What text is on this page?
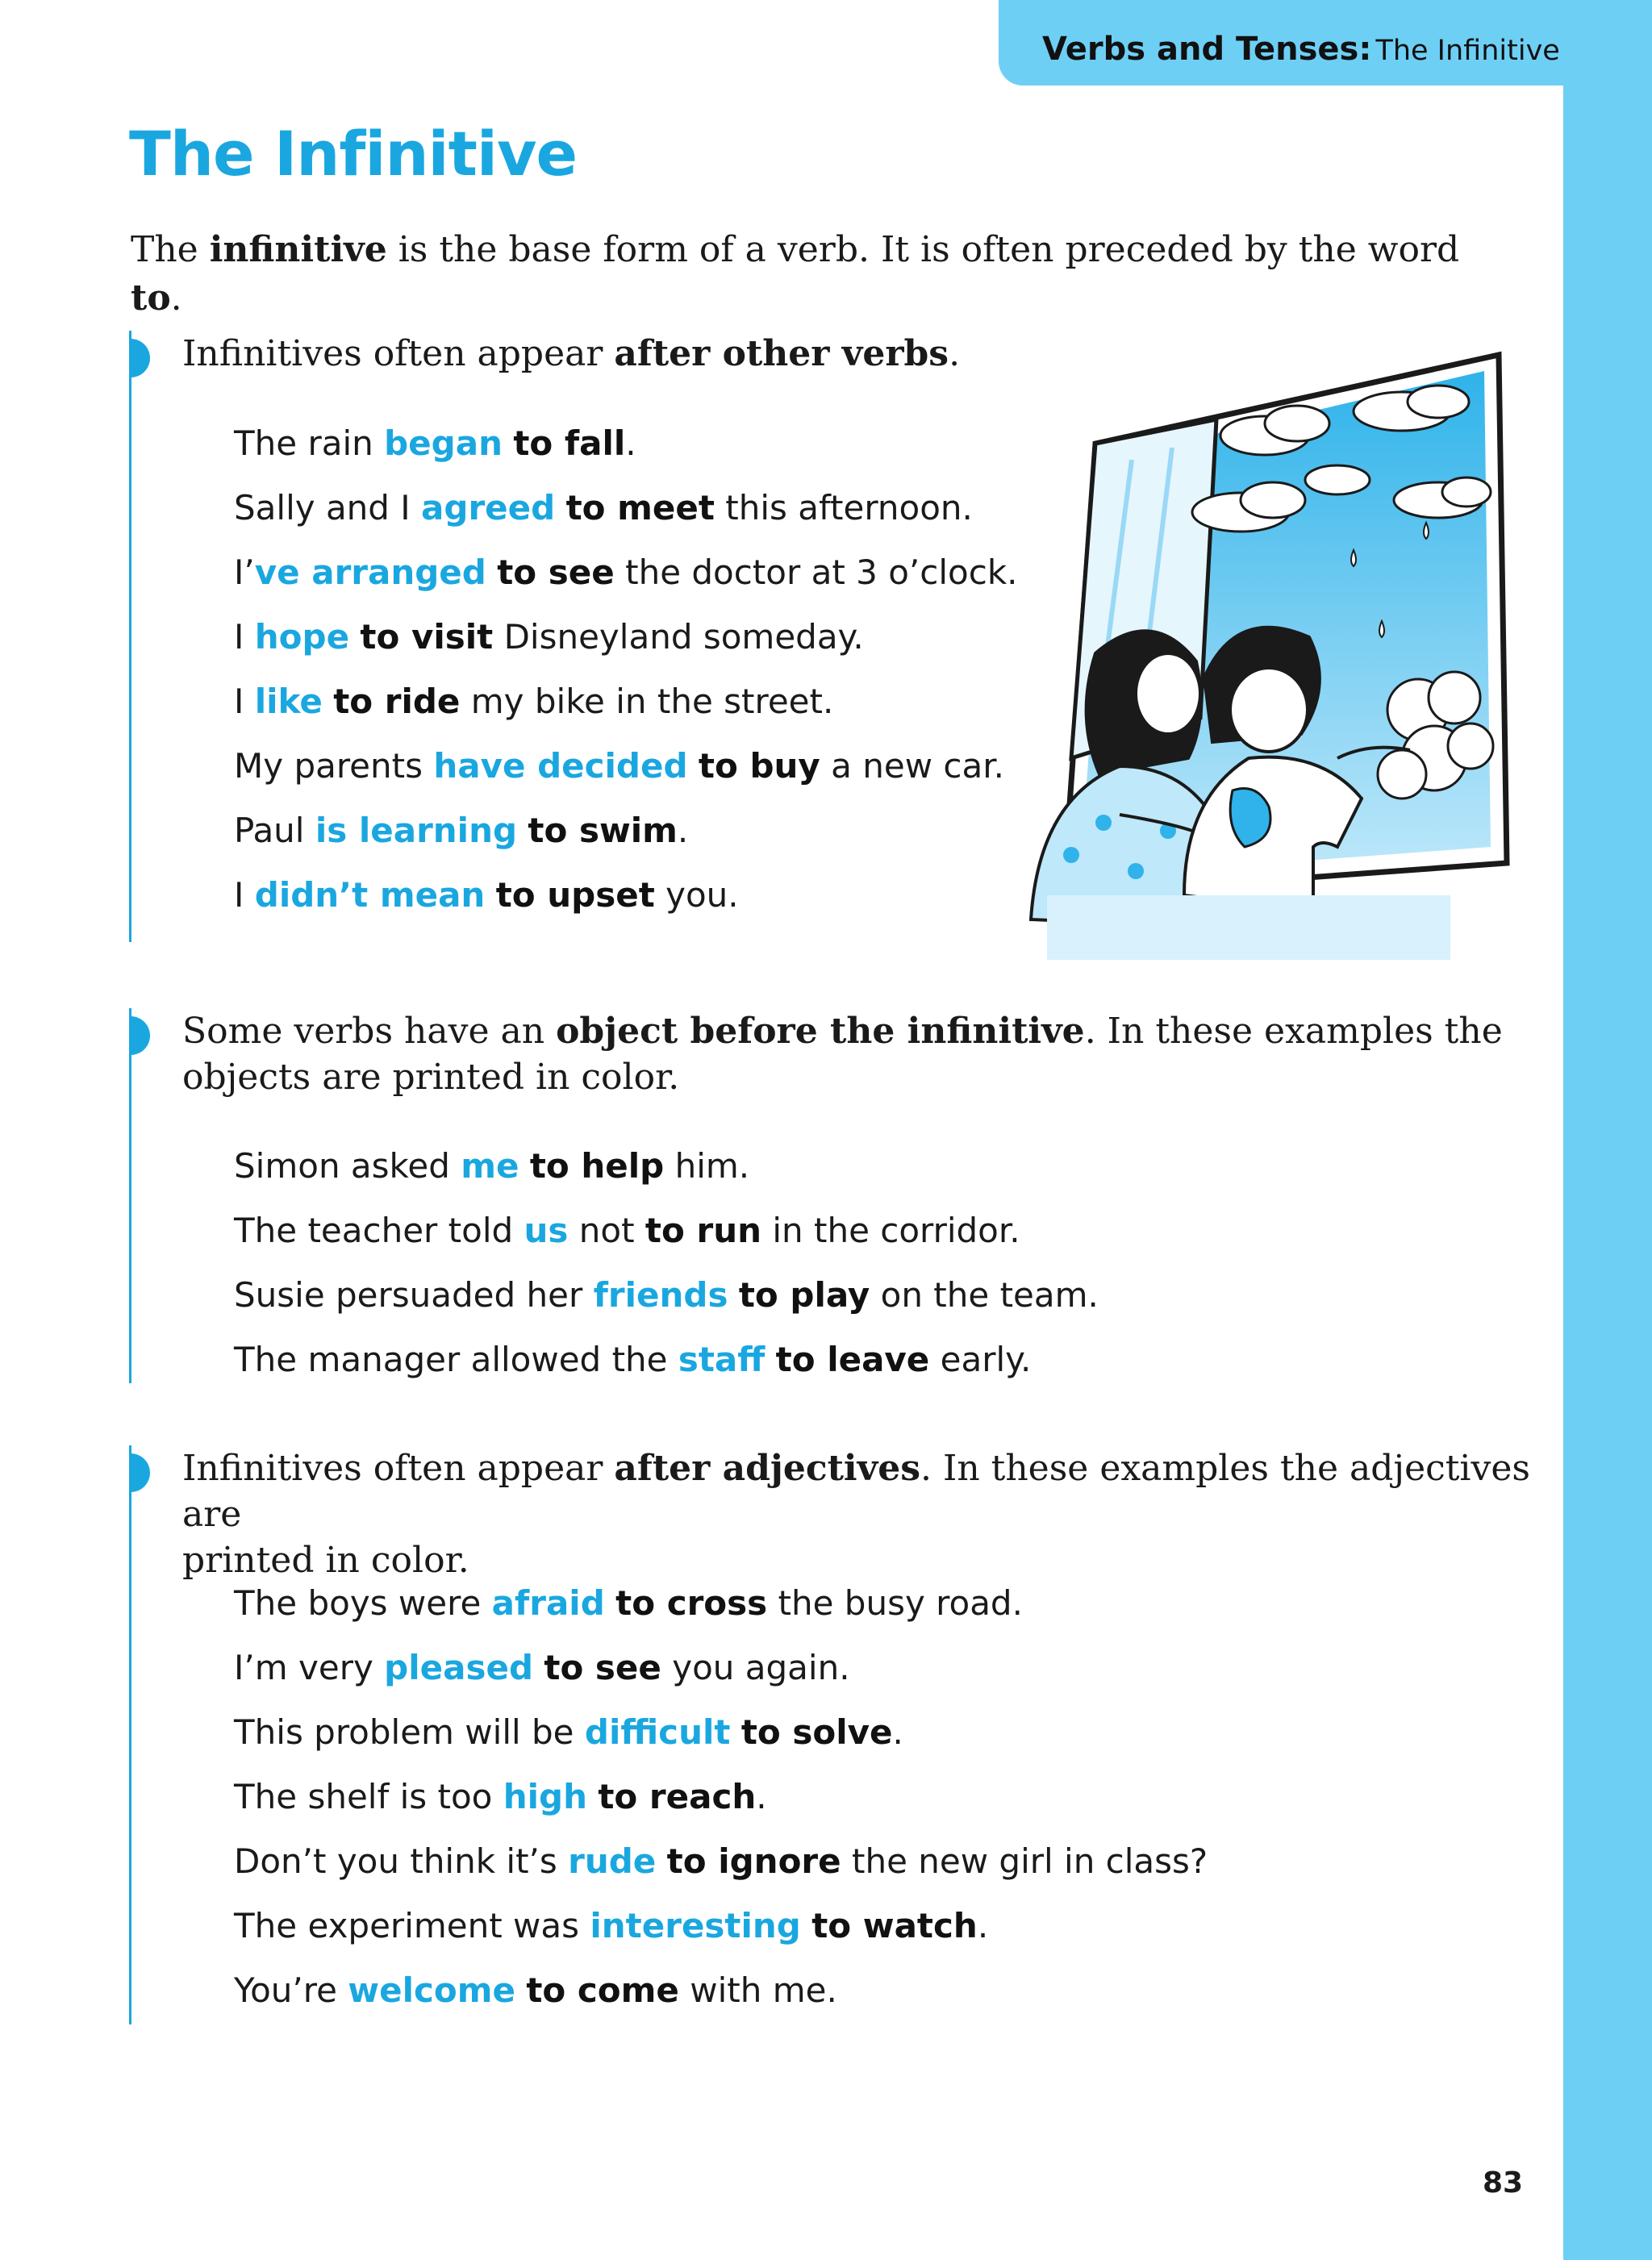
Verbs and Tenses: The Infinitive
The Infinitive

The infinitive is the base form of a verb. It is often preceded by the word to.

Infinitives often appear after other verbs.

The rain began to fall.

Sally and I agreed to meet this afternoon.

I’ve arranged to see the doctor at 3 o’clock.

I hope to visit Disneyland someday.

I like to ride my bike in the street.

My parents have decided to buy a new car.

Paul is learning to swim.

I didn’t mean to upset you.

Some verbs have an object before the infinitive. In these examples the
objects are printed in color.

Simon asked me to help him.

The teacher told us not to run in the corridor.

Susie persuaded her friends to play on the team.

The manager allowed the staff to leave early.

Infinitives often appear after adjectives. In these examples the adjectives are
printed in color.

The boys were afraid to cross the busy road.

I’m very pleased to see you again.

This problem will be difficult to solve.

The shelf is too high to reach.

Don’t you think it’s rude to ignore the new girl in class?

The experiment was interesting to watch.

You’re welcome to come with me.

83
